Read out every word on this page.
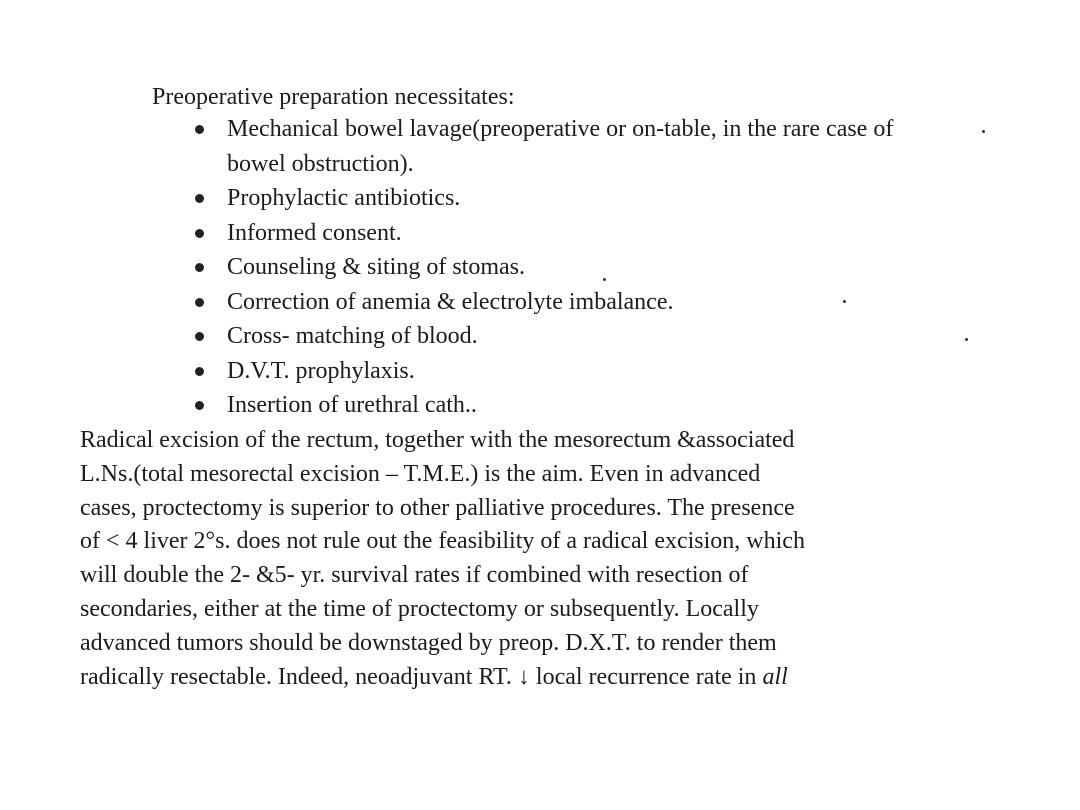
Preoperative preparation necessitates:
Mechanical bowel lavage(preoperative or on-table, in the rare case of bowel obstruction).
Prophylactic antibiotics.
Informed consent.
Counseling & siting of stomas.
Correction of anemia & electrolyte imbalance.
Cross- matching of blood.
D.V.T. prophylaxis.
Insertion of urethral cath..

Radical excision of the rectum, together with the mesorectum &associated
L.Ns.(total mesorectal excision – T.M.E.) is the aim. Even in advanced
cases, proctectomy is superior to other palliative procedures. The presence
of < 4 liver 2°s. does not rule out the feasibility of a radical excision, which
will double the 2- &5- yr. survival rates if combined with resection of
secondaries, either at the time of proctectomy or subsequently. Locally
advanced tumors should be downstaged by preop. D.X.T. to render them
radically resectable. Indeed, neoadjuvant RT. ↓ local recurrence rate in all
